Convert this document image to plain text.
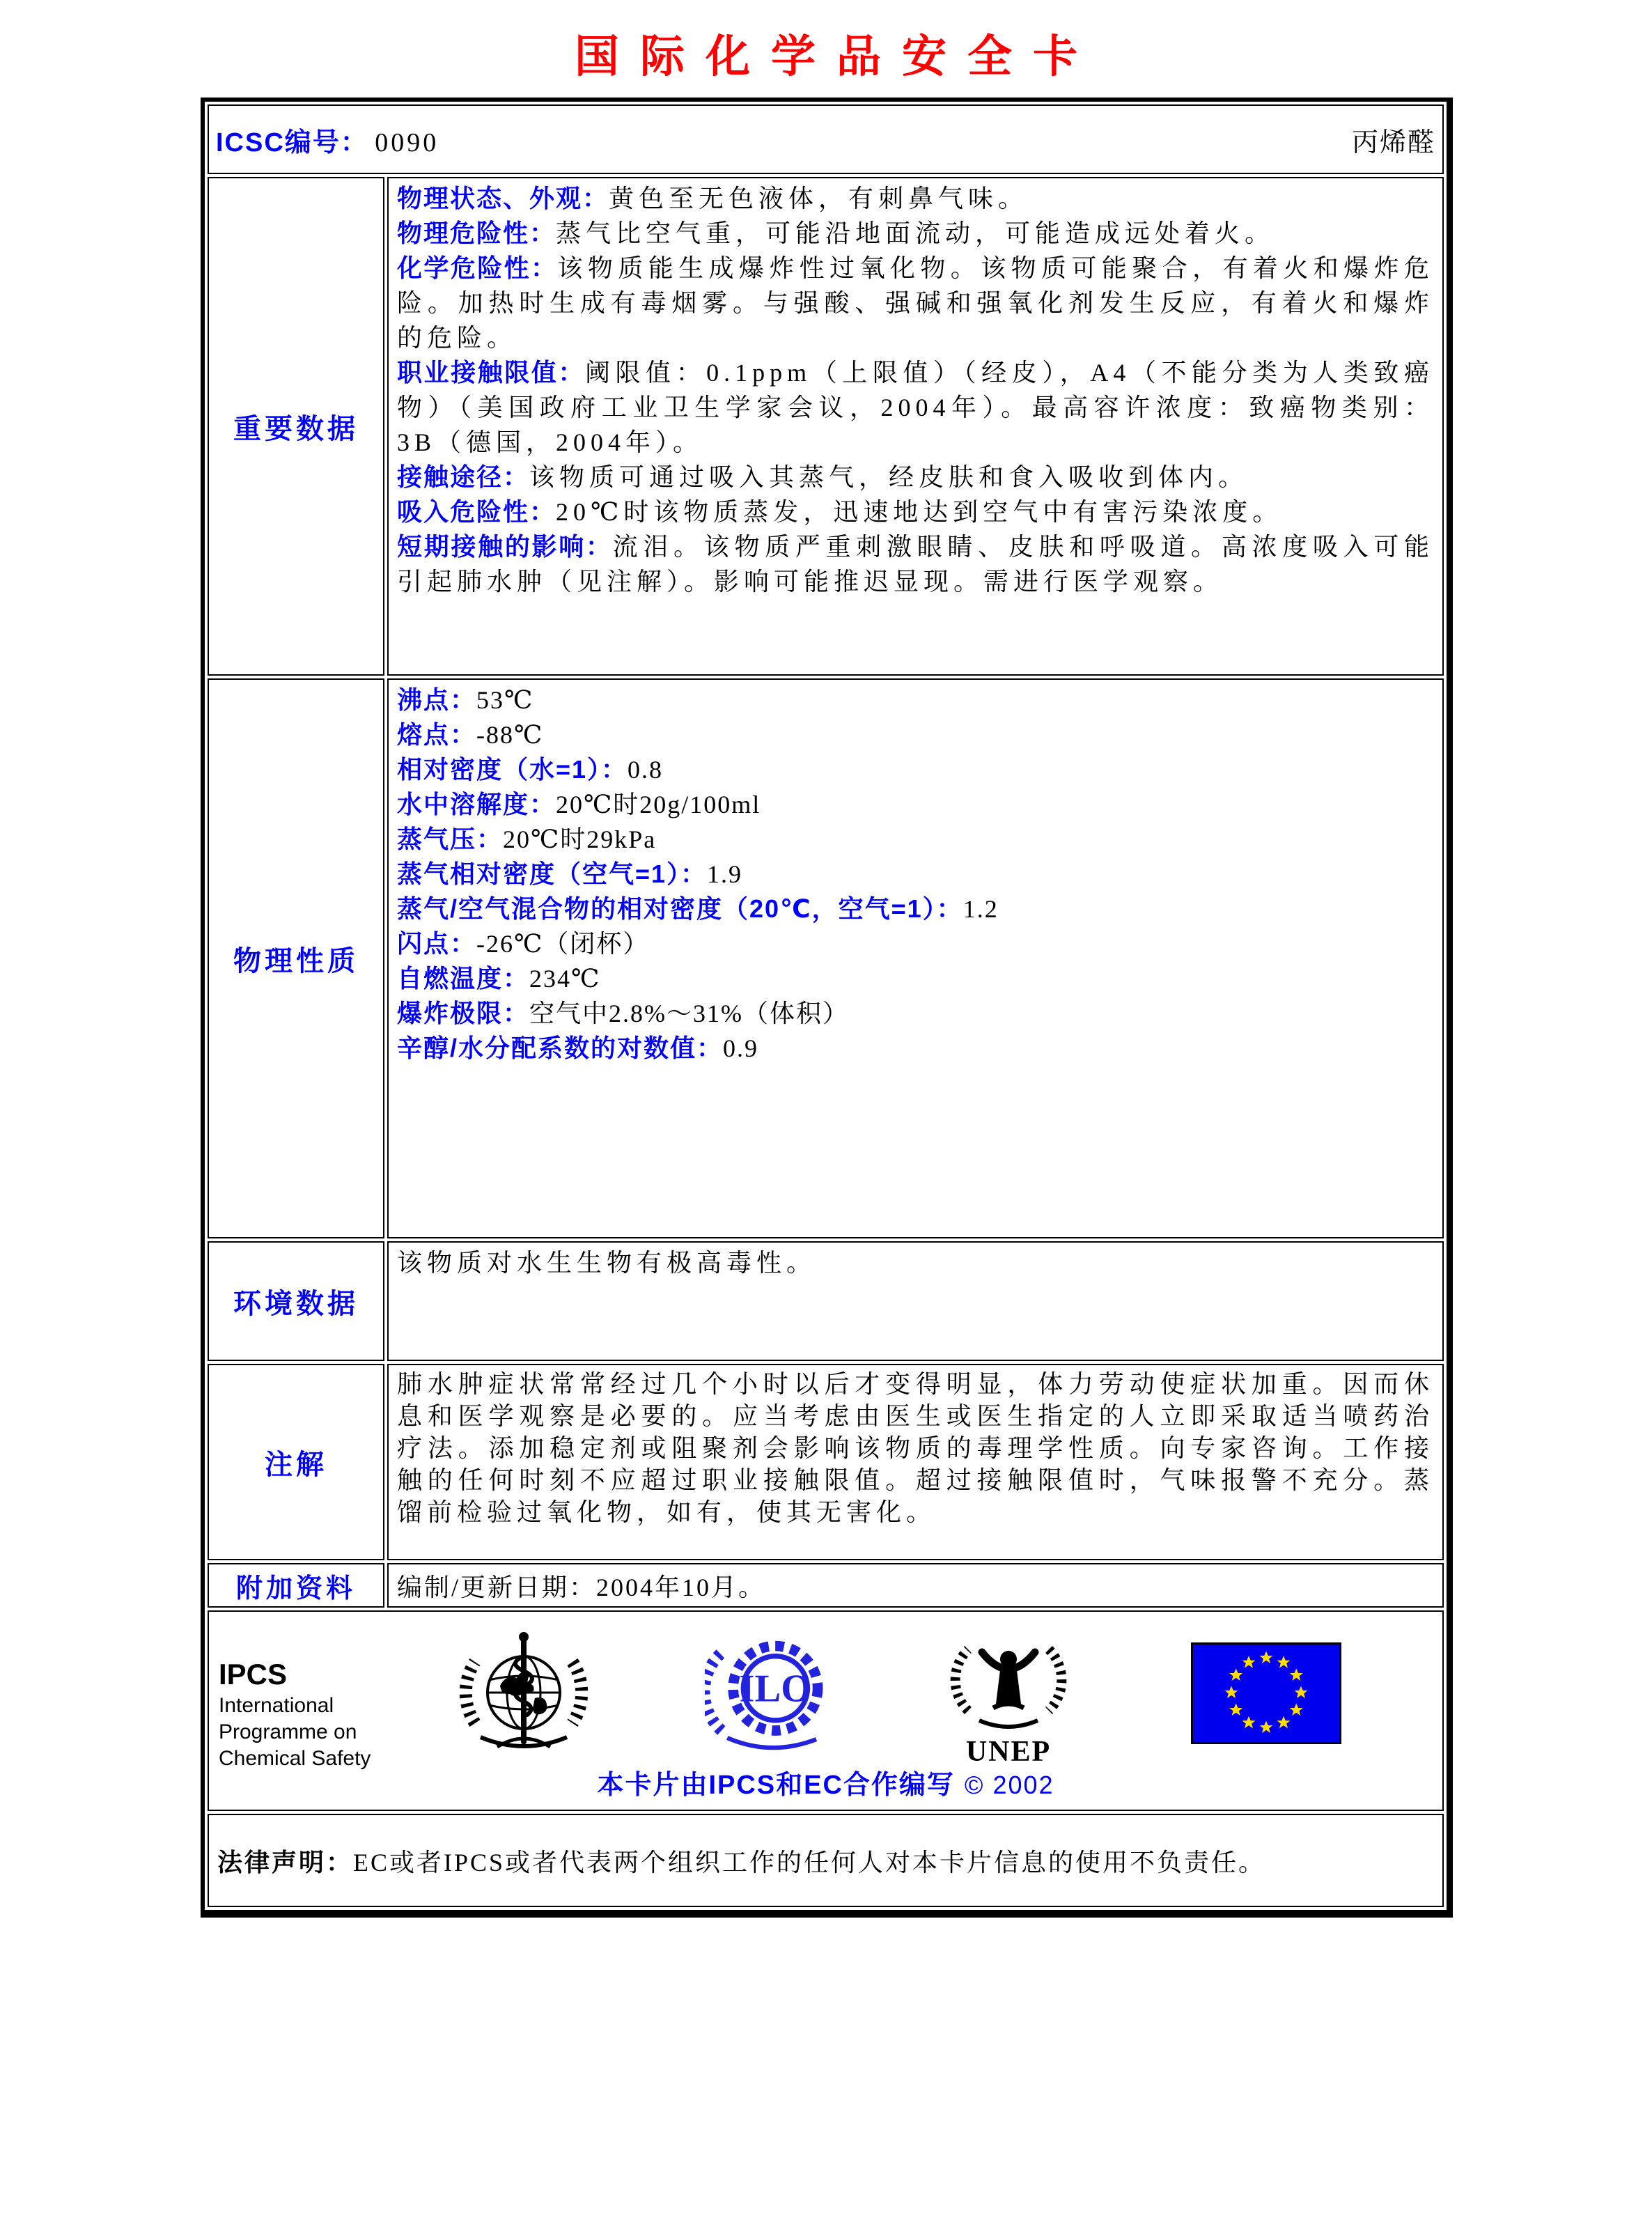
国际化学品安全卡
ICSC编号： 0090	丙烯醛
重要数据

物理状态、外观：黄色至无色液体，有刺鼻气味。

物理危险性：蒸气比空气重，可能沿地面流动，可能造成远处着火。

化学危险性：该物质能生成爆炸性过氧化物。该物质可能聚合，有着火和爆炸危险。加热时生成有毒烟雾。与强酸、强碱和强氧化剂发生反应，有着火和爆炸的危险。

职业接触限值：阈限值：0.1ppm（上限值）（经皮），A4（不能分类为人类致癌物）（美国政府工业卫生学家会议，2004年）。最高容许浓度：致癌物类别：3B（德国，2004年）。

接触途径：该物质可通过吸入其蒸气，经皮肤和食入吸收到体内。

吸入危险性：20℃时该物质蒸发，迅速地达到空气中有害污染浓度。

短期接触的影响：流泪。该物质严重刺激眼睛、皮肤和呼吸道。高浓度吸入可能引起肺水肿（见注解）。影响可能推迟显现。需进行医学观察。

物理性质
沸点：53℃
熔点：-88℃
相对密度（水=1）：0.8
水中溶解度：20℃时20g/100ml
蒸气压：20℃时29kPa
蒸气相对密度（空气=1）：1.9
蒸气/空气混合物的相对密度（20℃，空气=1）：1.2
闪点：-26℃（闭杯）
自燃温度：234℃
爆炸极限：空气中2.8%～31%（体积）
辛醇/水分配系数的对数值：0.9
环境数据

该物质对水生生物有极高毒性。

注解

肺水肿症状常常经过几个小时以后才变得明显，体力劳动使症状加重。因而休息和医学观察是必要的。应当考虑由医生或医生指定的人立即采取适当喷药治疗法。添加稳定剂或阻聚剂会影响该物质的毒理学性质。向专家咨询。工作接触的任何时刻不应超过职业接触限值。超过接触限值时，气味报警不充分。蒸馏前检验过氧化物，如有，使其无害化。

附加资料	编制/更新日期：2004年10月。
IPCS
International
Programme on
Chemical Safety
ILO
UNEP
本卡片由IPCS和EC合作编写 © 2002
法律声明： EC或者IPCS或者代表两个组织工作的任何人对本卡片信息的使用不负责任。
